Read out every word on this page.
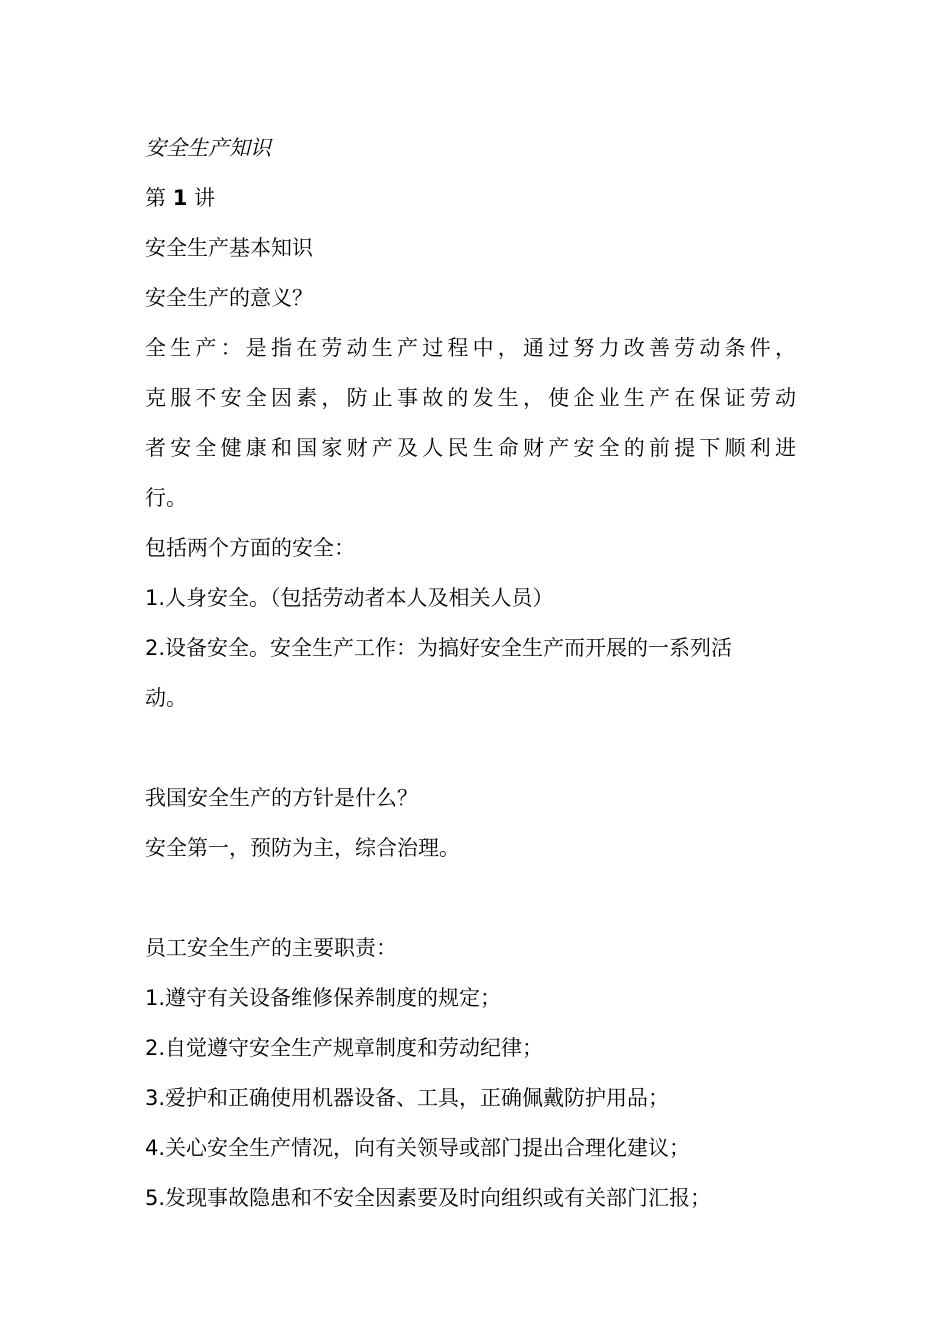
安全生产知识

第 1 讲

安全生产基本知识

安全生产的意义？

全生产：是指在劳动生产过程中，通过努力改善劳动条件，

克服不安全因素，防止事故的发生，使企业生产在保证劳动

者安全健康和国家财产及人民生命财产安全的前提下顺利进

行。

包括两个方面的安全：

1.人身安全。（包括劳动者本人及相关人员）

2.设备安全。安全生产工作：为搞好安全生产而开展的一系列活

动。

我国安全生产的方针是什么？

安全第一，预防为主，综合治理。

员工安全生产的主要职责：

1.遵守有关设备维修保养制度的规定；

2.自觉遵守安全生产规章制度和劳动纪律；

3.爱护和正确使用机器设备、工具，正确佩戴防护用品；

4.关心安全生产情况，向有关领导或部门提出合理化建议；

5.发现事故隐患和不安全因素要及时向组织或有关部门汇报；
